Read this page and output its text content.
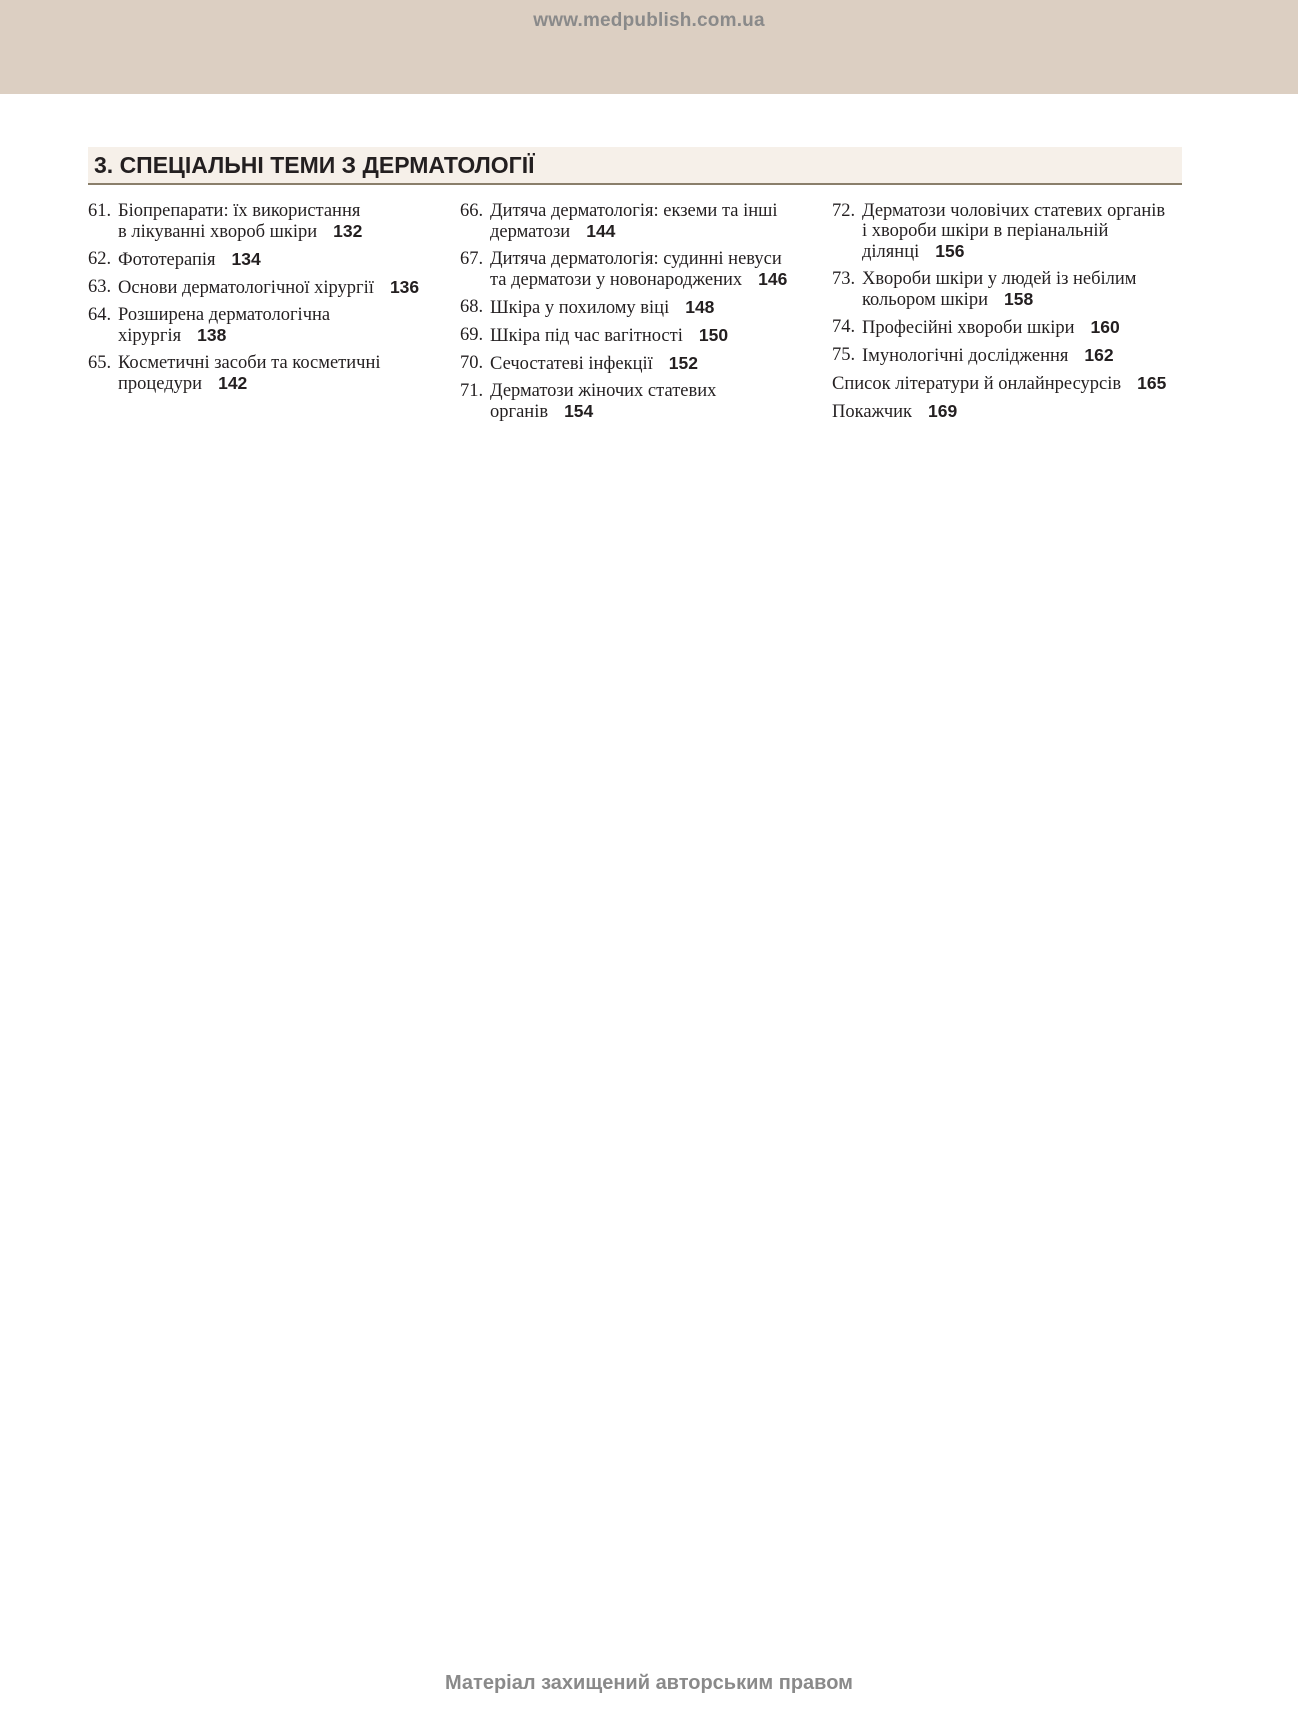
www.medpublish.com.ua
3. СПЕЦІАЛЬНІ ТЕМИ З ДЕРМАТОЛОГІЇ
61. Біопрепарати: їх використання
в лікуванні хвороб шкіри 132
62. Фототерапія 134
63. Основи дерматологічної хірургії 136
64. Розширена дерматологічна
хірургія 138
65. Косметичні засоби та косметичні
процедури 142
66. Дитяча дерматологія: екземи та інші
дерматози 144
67. Дитяча дерматологія: судинні невуси
та дерматози у новонароджених 146
68. Шкіра у похилому віці 148
69. Шкіра під час вагітності 150
70. Сечостатеві інфекції 152
71. Дерматози жіночих статевих
органів 154
72. Дерматози чоловічих статевих органів
і хвороби шкіри в періанальній
ділянці 156
73. Хвороби шкіри у людей із небілим
кольором шкіри 158
74. Професійні хвороби шкіри 160
75. Імунологічні дослідження 162
Список літератури й онлайнресурсів 165
Покажчик 169
Матеріал захищений авторським правом
